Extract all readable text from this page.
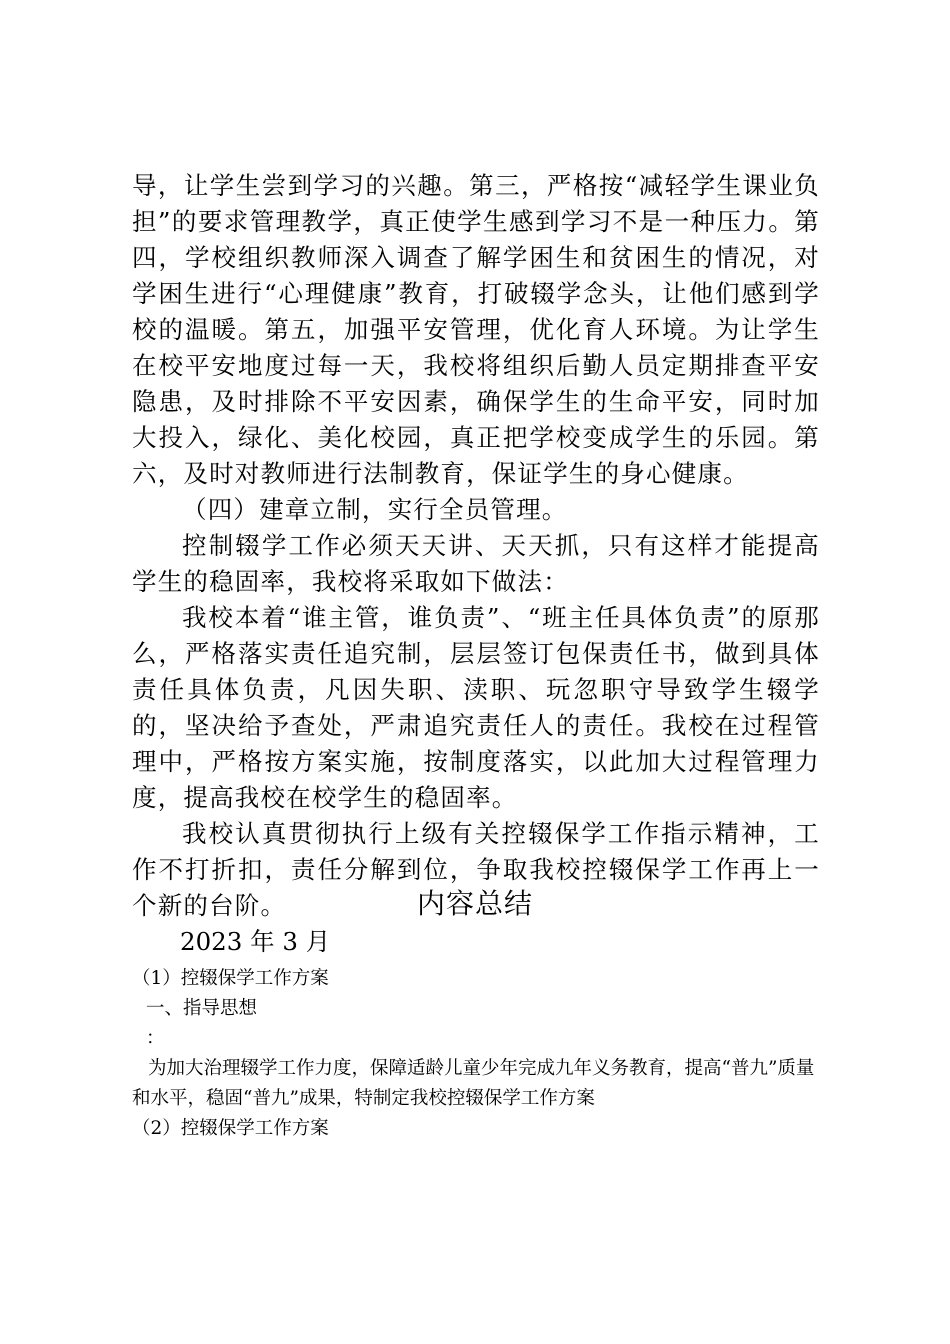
导，让学生尝到学习的兴趣。第三，严格按“减轻学生课业负担”的要求管理教学，真正使学生感到学习不是一种压力。第四，学校组织教师深入调查了解学困生和贫困生的情况，对学困生进行“心理健康”教育，打破辍学念头，让他们感到学校的温暖。第五，加强平安管理，优化育人环境。为让学生在校平安地度过每一天，我校将组织后勤人员定期排查平安隐患，及时排除不平安因素，确保学生的生命平安，同时加大投入，绿化、美化校园，真正把学校变成学生的乐园。第六，及时对教师进行法制教育，保证学生的身心健康。

（四）建章立制，实行全员管理。

控制辍学工作必须天天讲、天天抓，只有这样才能提高学生的稳固率，我校将采取如下做法：

我校本着“谁主管，谁负责”、“班主任具体负责”的原那么，严格落实责任追究制，层层签订包保责任书，做到具体责任具体负责，凡因失职、渎职、玩忽职守导致学生辍学的，坚决给予查处，严肃追究责任人的责任。我校在过程管理中，严格按方案实施，按制度落实，以此加大过程管理力度，提高我校在校学生的稳固率。

我校认真贯彻执行上级有关控辍保学工作指示精神，工作不打折扣，责任分解到位，争取我校控辍保学工作再上一个新的台阶。

2023 年 3 月

内容总结

（1）控辍保学工作方案

一、指导思想

：

为加大治理辍学工作力度，保障适龄儿童少年完成九年义务教育，提高“普九”质量和水平，稳固“普九”成果，特制定我校控辍保学工作方案

（2）控辍保学工作方案
